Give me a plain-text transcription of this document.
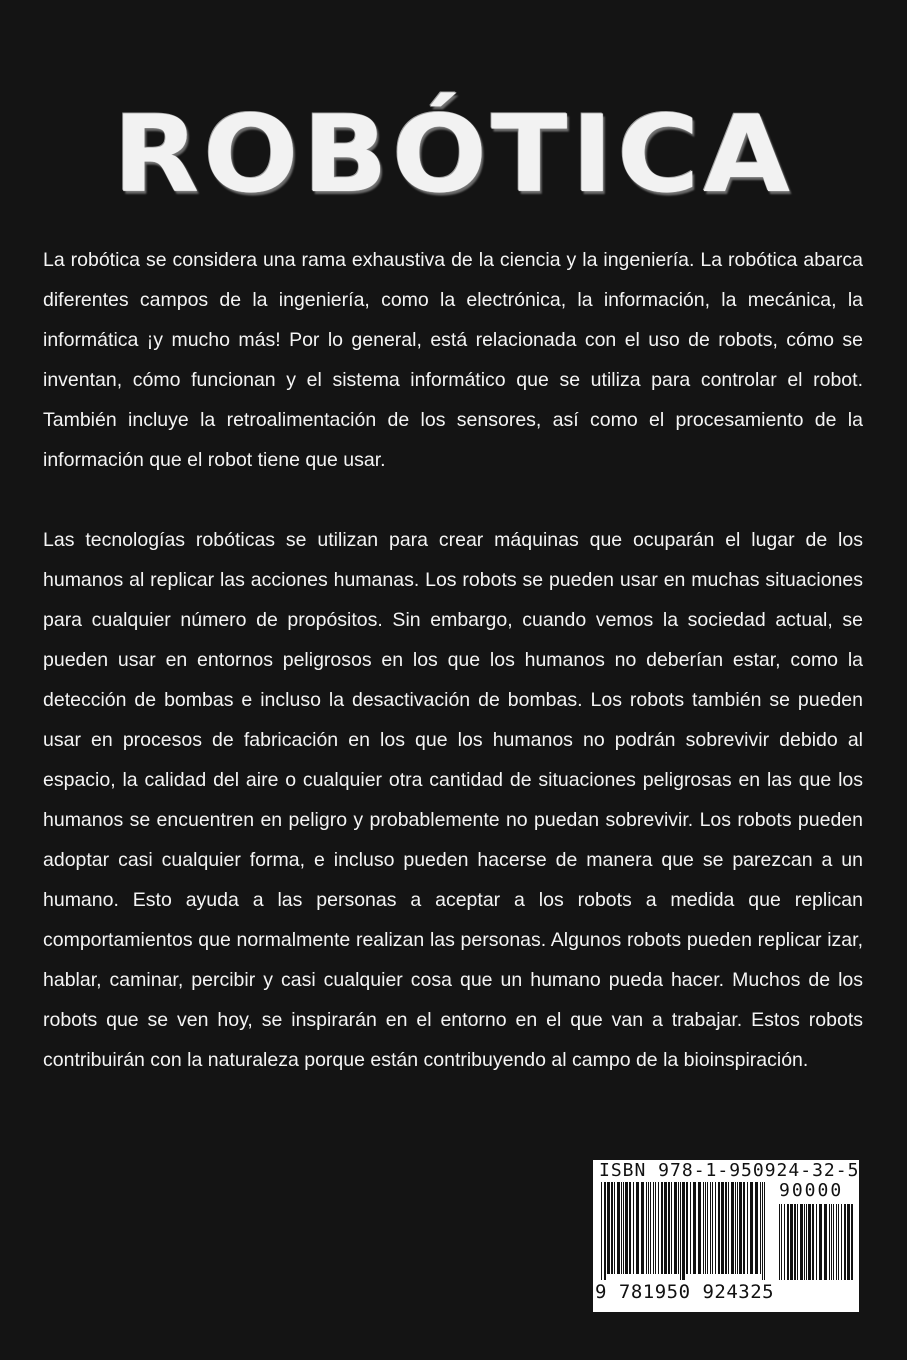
ROBÓTICA

La robótica se considera una rama exhaustiva de la ciencia y la ingeniería. La robótica abarca diferentes campos de la ingeniería, como la electrónica, la información, la mecánica, la informática ¡y mucho más! Por lo general, está relacionada con el uso de robots, cómo se inventan, cómo funcionan y el sistema informático que se utiliza para controlar el robot. También incluye la retroalimentación de los sensores, así como el procesamiento de la información que el robot tiene que usar.

Las tecnologías robóticas se utilizan para crear máquinas que ocuparán el lugar de los humanos al replicar las acciones humanas. Los robots se pueden usar en muchas situaciones para cualquier número de propósitos. Sin embargo, cuando vemos la sociedad actual, se pueden usar en entornos peligrosos en los que los humanos no deberían estar, como la detección de bombas e incluso la desactivación de bombas. Los robots también se pueden usar en procesos de fabricación en los que los humanos no podrán sobrevivir debido al espacio, la calidad del aire o cualquier otra cantidad de situaciones peligrosas en las que los humanos se encuentren en peligro y probablemente no puedan sobrevivir. Los robots pueden adoptar casi cualquier forma, e incluso pueden hacerse de manera que se parezcan a un humano. Esto ayuda a las personas a aceptar a los robots a medida que replican comportamientos que normalmente realizan las personas. Algunos robots pueden replicar izar, hablar, caminar, percibir y casi cualquier cosa que un humano pueda hacer. Muchos de los robots que se ven hoy, se inspirarán en el entorno en el que van a trabajar. Estos robots contribuirán con la naturaleza porque están contribuyendo al campo de la bioinspiración.

ISBN 978-1-950924-32-5
90000
9 781950 924325
